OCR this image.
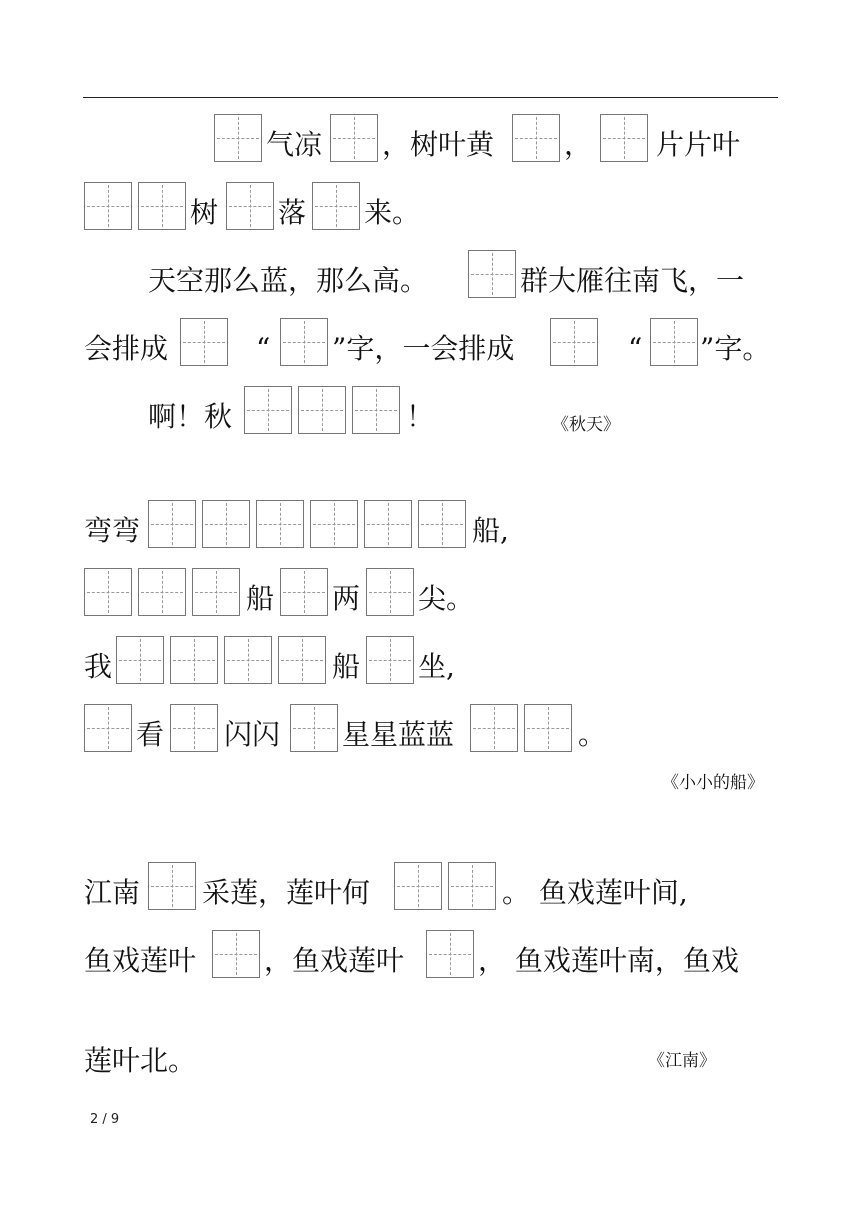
气凉 ，树叶黄 ， 片片叶
树 落 来。
天空那么蓝，那么高。	群大雁往南飞，一
会排成	“ ”字，一会排成	“ ”字。
啊！秋	！	《秋天》
弯弯	船,
船 两 尖。
我	船 坐,
看 闪闪 星星蓝蓝	。
《小小的船》
江南 采莲，莲叶何	。 鱼戏莲叶间,
鱼戏莲叶 ，鱼戏莲叶	， 鱼戏莲叶南，鱼戏
莲叶北。	《江南》
2 / 9
